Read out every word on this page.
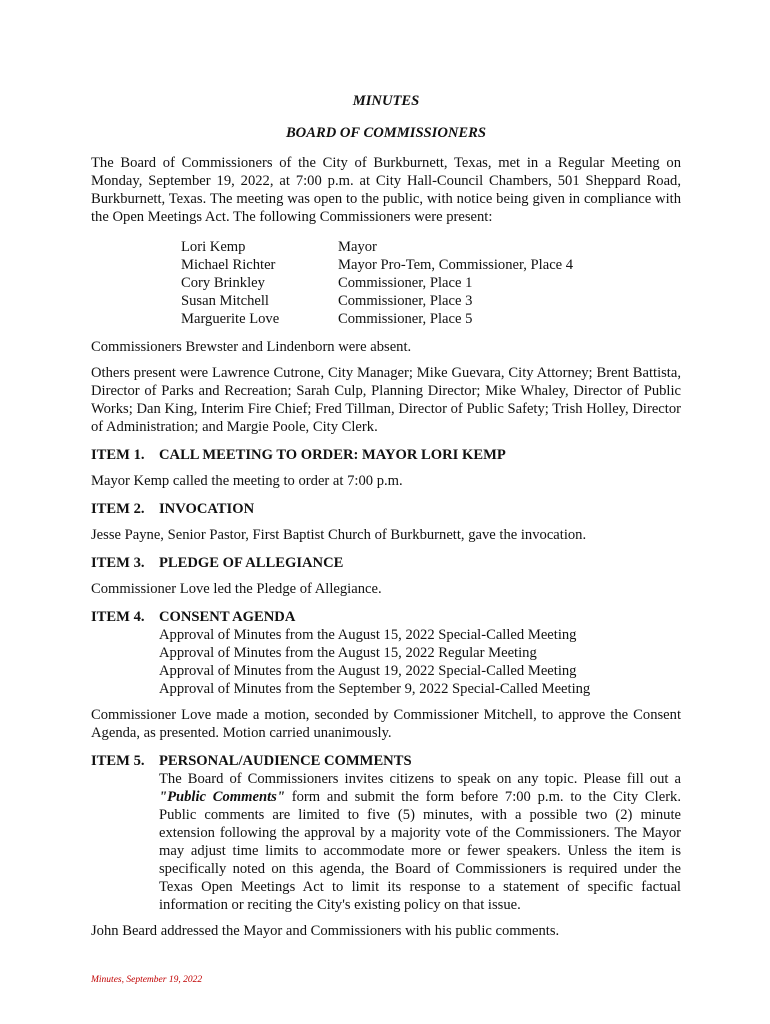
MINUTES
BOARD OF COMMISSIONERS

The Board of Commissioners of the City of Burkburnett, Texas, met in a Regular Meeting on Monday, September 19, 2022, at 7:00 p.m. at City Hall-Council Chambers, 501 Sheppard Road, Burkburnett, Texas. The meeting was open to the public, with notice being given in compliance with the Open Meetings Act. The following Commissioners were present:

Lori Kemp	Mayor
Michael Richter	Mayor Pro-Tem, Commissioner, Place 4
Cory Brinkley	Commissioner, Place 1
Susan Mitchell	Commissioner, Place 3
Marguerite Love	Commissioner, Place 5

Commissioners Brewster and Lindenborn were absent.

Others present were Lawrence Cutrone, City Manager; Mike Guevara, City Attorney; Brent Battista, Director of Parks and Recreation; Sarah Culp, Planning Director; Mike Whaley, Director of Public Works; Dan King, Interim Fire Chief; Fred Tillman, Director of Public Safety; Trish Holley, Director of Administration; and Margie Poole, City Clerk.

ITEM 1. CALL MEETING TO ORDER: MAYOR LORI KEMP

Mayor Kemp called the meeting to order at 7:00 p.m.

ITEM 2. INVOCATION

Jesse Payne, Senior Pastor, First Baptist Church of Burkburnett, gave the invocation.

ITEM 3. PLEDGE OF ALLEGIANCE

Commissioner Love led the Pledge of Allegiance.

ITEM 4. CONSENT AGENDA
Approval of Minutes from the August 15, 2022 Special-Called Meeting
Approval of Minutes from the August 15, 2022 Regular Meeting
Approval of Minutes from the August 19, 2022 Special-Called Meeting
Approval of Minutes from the September 9, 2022 Special-Called Meeting

Commissioner Love made a motion, seconded by Commissioner Mitchell, to approve the Consent Agenda, as presented. Motion carried unanimously.

ITEM 5. PERSONAL/AUDIENCE COMMENTS

The Board of Commissioners invites citizens to speak on any topic. Please fill out a "Public Comments" form and submit the form before 7:00 p.m. to the City Clerk. Public comments are limited to five (5) minutes, with a possible two (2) minute extension following the approval by a majority vote of the Commissioners. The Mayor may adjust time limits to accommodate more or fewer speakers. Unless the item is specifically noted on this agenda, the Board of Commissioners is required under the Texas Open Meetings Act to limit its response to a statement of specific factual information or reciting the City's existing policy on that issue.

John Beard addressed the Mayor and Commissioners with his public comments.

Minutes, September 19, 2022
